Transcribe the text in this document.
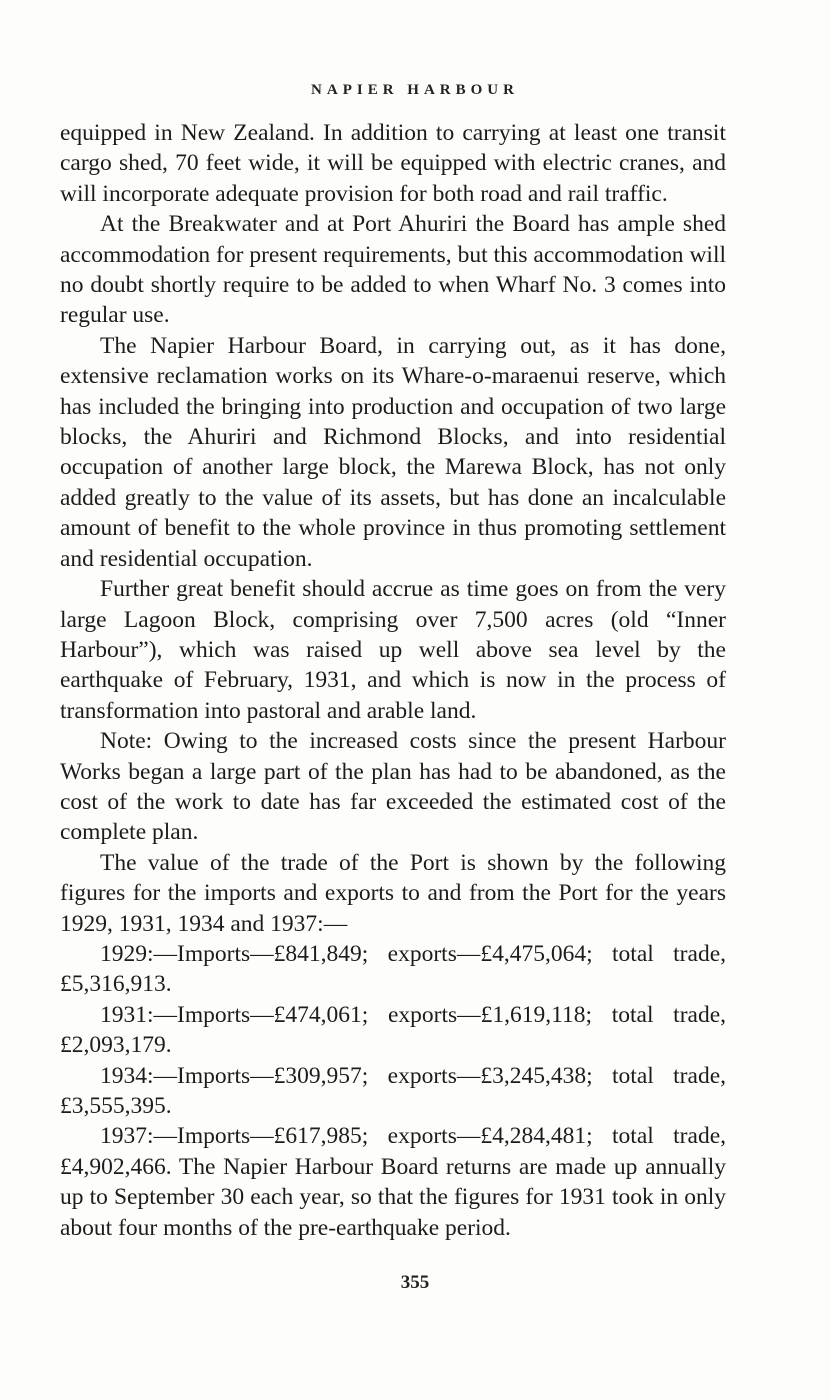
NAPIER HARBOUR

equipped in New Zealand. In addition to carrying at least one transit cargo shed, 70 feet wide, it will be equipped with electric cranes, and will incorporate adequate provision for both road and rail traffic.

At the Breakwater and at Port Ahuriri the Board has ample shed accommodation for present requirements, but this accommodation will no doubt shortly require to be added to when Wharf No. 3 comes into regular use.

The Napier Harbour Board, in carrying out, as it has done, extensive reclamation works on its Whare-o-maraenui reserve, which has included the bringing into production and occupation of two large blocks, the Ahuriri and Richmond Blocks, and into residential occupation of another large block, the Marewa Block, has not only added greatly to the value of its assets, but has done an incalculable amount of benefit to the whole province in thus promoting settlement and residential occupation.

Further great benefit should accrue as time goes on from the very large Lagoon Block, comprising over 7,500 acres (old “Inner Harbour”), which was raised up well above sea level by the earthquake of February, 1931, and which is now in the process of transformation into pastoral and arable land.

Note: Owing to the increased costs since the present Harbour Works began a large part of the plan has had to be abandoned, as the cost of the work to date has far exceeded the estimated cost of the complete plan.

The value of the trade of the Port is shown by the following figures for the imports and exports to and from the Port for the years 1929, 1931, 1934 and 1937:—

1929:—Imports—£841,849; exports—£4,475,064; total trade, £5,316,913.

1931:—Imports—£474,061; exports—£1,619,118; total trade, £2,093,179.

1934:—Imports—£309,957; exports—£3,245,438; total trade, £3,555,395.

1937:—Imports—£617,985; exports—£4,284,481; total trade, £4,902,466. The Napier Harbour Board returns are made up annually up to September 30 each year, so that the figures for 1931 took in only about four months of the pre-earthquake period.

355
